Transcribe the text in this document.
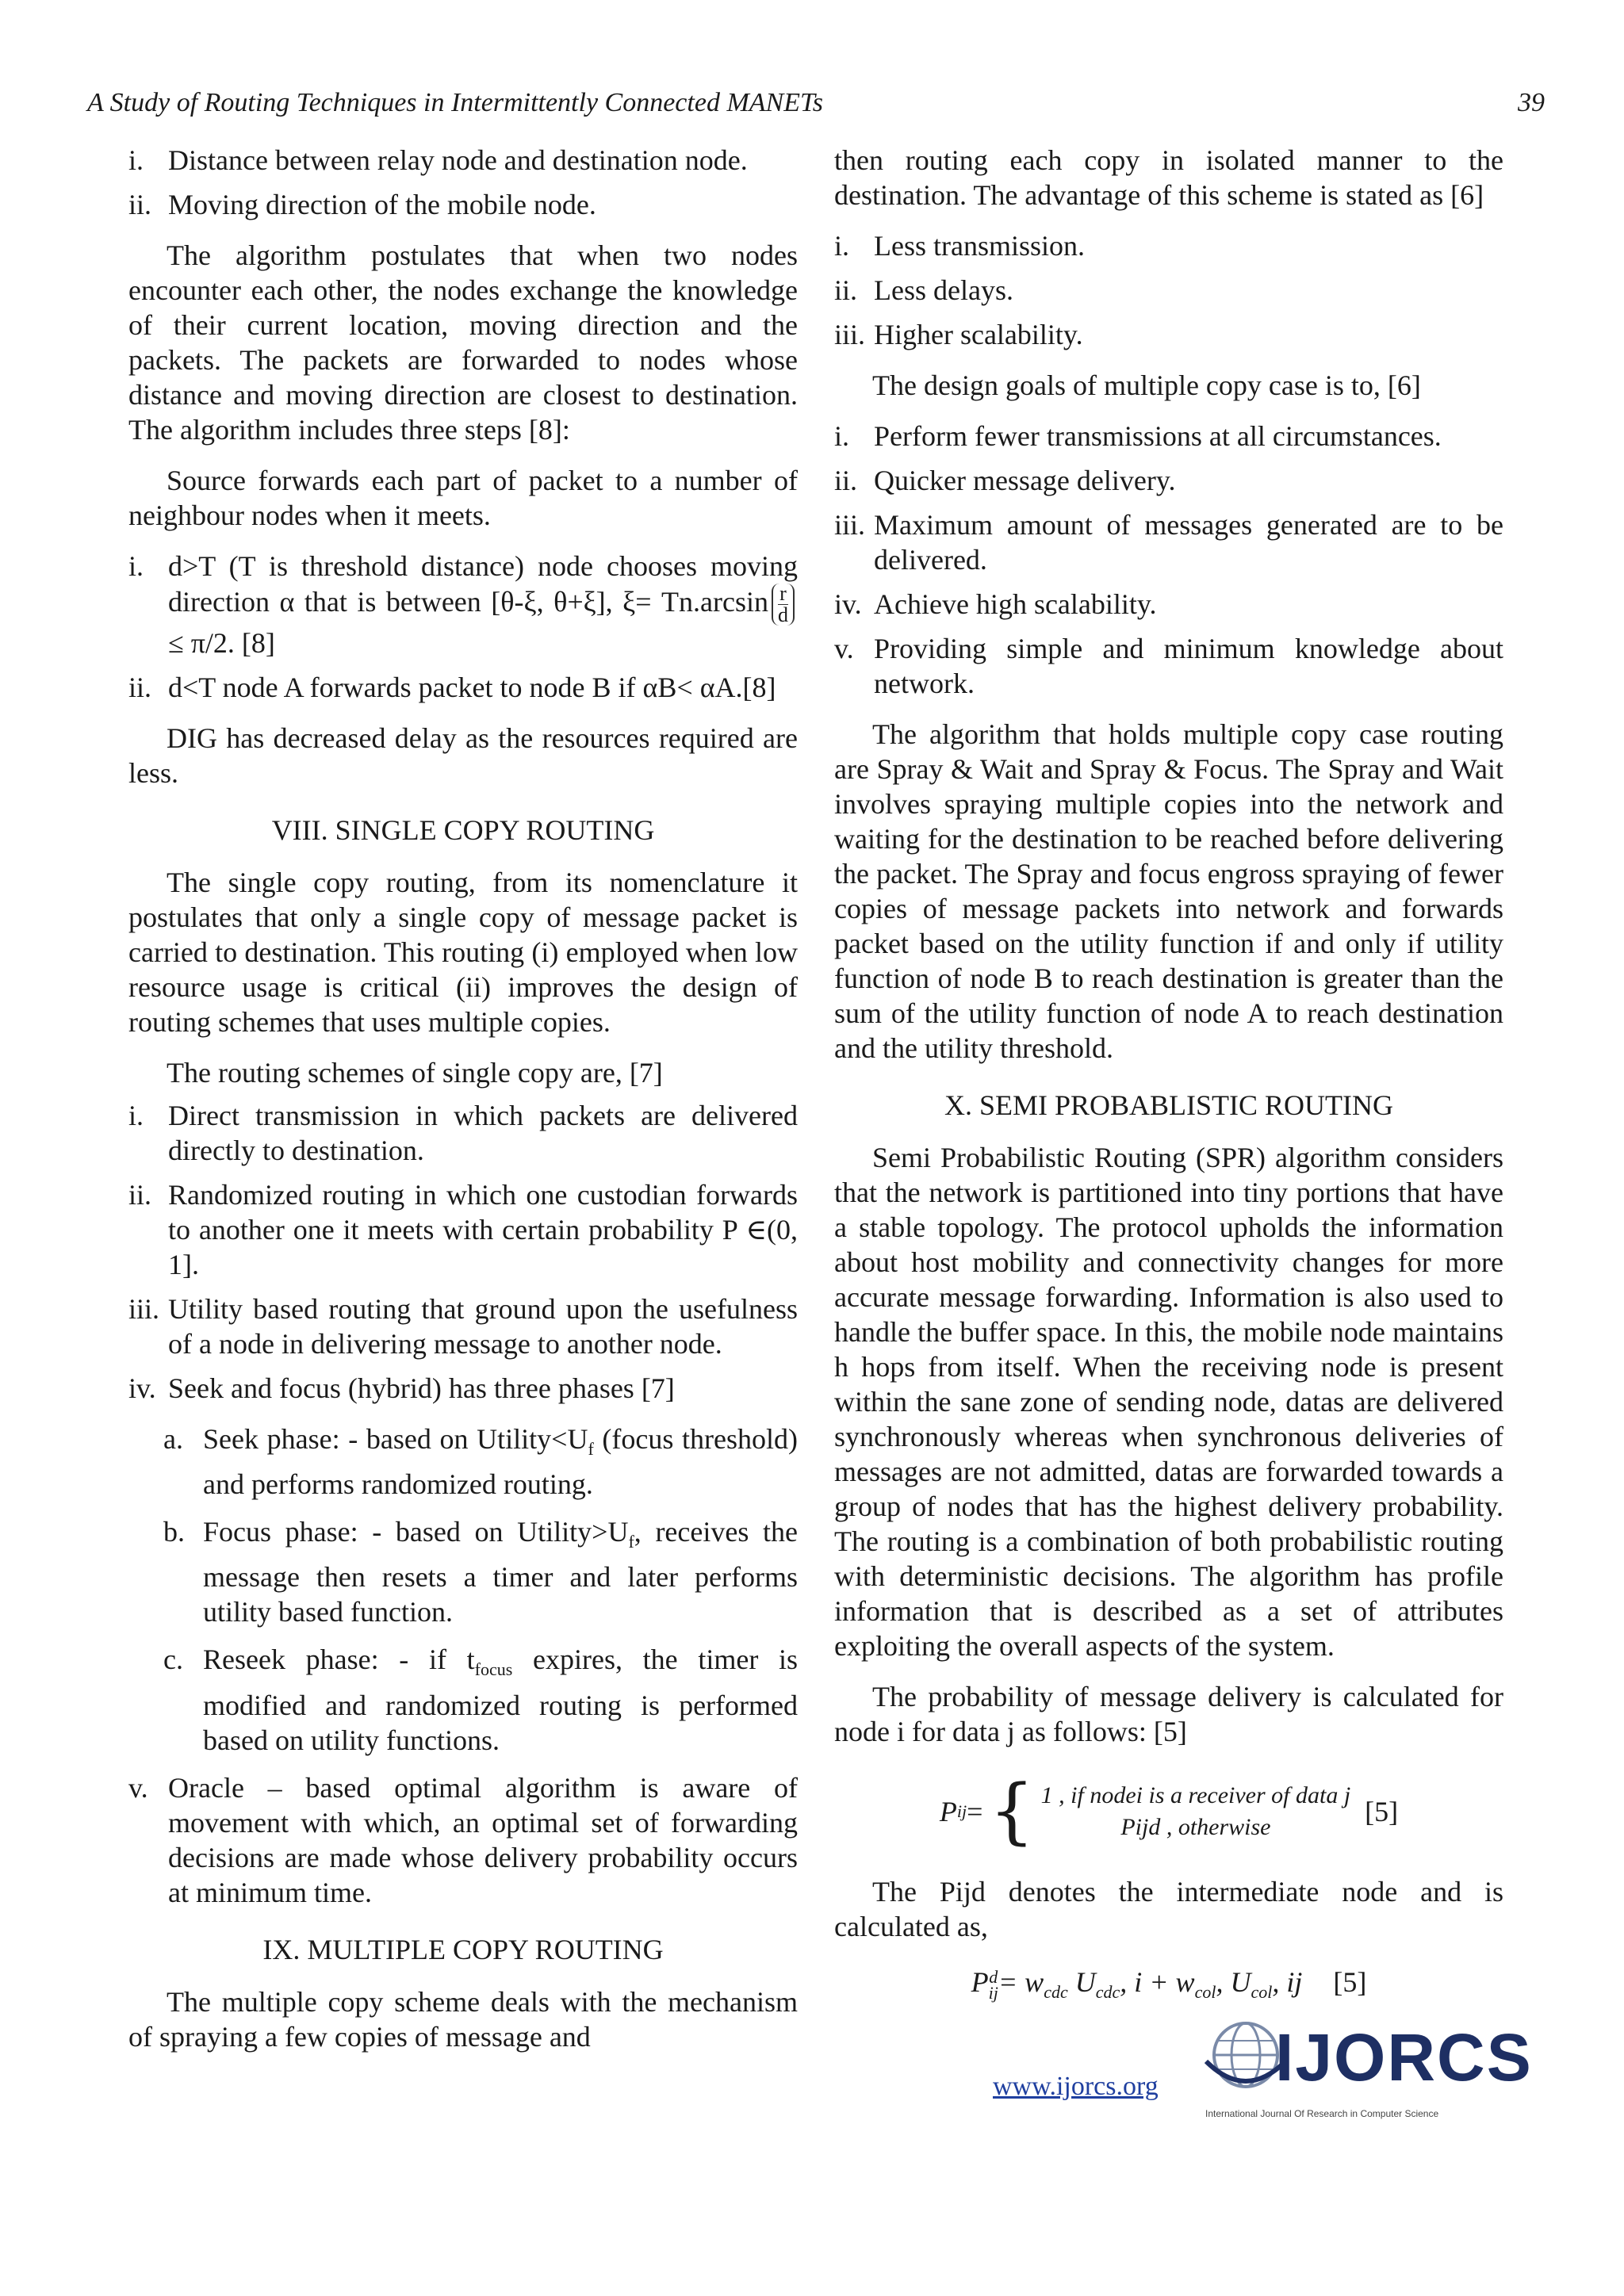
A Study of Routing Techniques in Intermittently Connected MANETs	39
i. Distance between relay node and destination node.
ii. Moving direction of the mobile node.

The algorithm postulates that when two nodes encounter each other, the nodes exchange the knowledge of their current location, moving direction and the packets. The packets are forwarded to nodes whose distance and moving direction are closest to destination. The algorithm includes three steps [8]:

Source forwards each part of packet to a number of neighbour nodes when it meets.

i. d>T (T is threshold distance) node chooses moving direction α that is between [θ-ξ, θ+ξ], $\xi= Tn.\arcsin \frac{r}{d}$
≤ π/2. [8]
ii. d<T node A forwards packet to node B if αB< αA.[8]

DIG has decreased delay as the resources required are less.

VIII. SINGLE COPY ROUTING

The single copy routing, from its nomenclature it postulates that only a single copy of message packet is carried to destination. This routing (i) employed when low resource usage is critical (ii) improves the design of routing schemes that uses multiple copies.

The routing schemes of single copy are, [7]

i. Direct transmission in which packets are delivered directly to destination.
ii. Randomized routing in which one custodian forwards to another one it meets with certain probability P ∈(0, 1].
iii. Utility based routing that ground upon the usefulness of a node in delivering message to another node.
iv. Seek and focus (hybrid) has three phases [7]
a. Seek phase: - based on $Utility<U_f$ (focus threshold) and performs randomized routing.
b. Focus phase: - based on $Utility>U_f$, receives the message then resets a timer and later performs utility based function.
c. Reseek phase: - if $t_{focus}$ expires, the timer is modified and randomized routing is performed based on utility functions.
v. Oracle – based optimal algorithm is aware of movement with which, an optimal set of forwarding decisions are made whose delivery probability occurs at minimum time.
IX. MULTIPLE COPY ROUTING

The multiple copy scheme deals with the mechanism of spraying a few copies of message and

then routing each copy in isolated manner to the destination. The advantage of this scheme is stated as [6]

i. Less transmission.
ii. Less delays.
iii. Higher scalability.

The design goals of multiple copy case is to, [6]

i. Perform fewer transmissions at all circumstances.
ii. Quicker message delivery.
iii. Maximum amount of messages generated are to be delivered.
iv. Achieve high scalability.
v. Providing simple and minimum knowledge about network.

The algorithm that holds multiple copy case routing are Spray & Wait and Spray & Focus. The Spray and Wait involves spraying multiple copies into the network and waiting for the destination to be reached before delivering the packet. The Spray and focus engross spraying of fewer copies of message packets into network and forwards packet based on the utility function if and only if utility function of node B to reach destination is greater than the sum of the utility function of node A to reach destination and the utility threshold.

X. SEMI PROBABLISTIC ROUTING

Semi Probabilistic Routing (SPR) algorithm considers that the network is partitioned into tiny portions that have a stable topology. The protocol upholds the information about host mobility and connectivity changes for more accurate message forwarding. Information is also used to handle the buffer space. In this, the mobile node maintains h hops from itself. When the receiving node is present within the sane zone of sending node, datas are delivered synchronously whereas when synchronous deliveries of messages are not admitted, datas are forwarded towards a group of nodes that has the highest delivery probability. The routing is a combination of both probabilistic routing with deterministic decisions. The algorithm has profile information that is described as a set of attributes exploiting the overall aspects of the system.

The probability of message delivery is calculated for node i for data j as follows: [5]

P ij = { 1 , if nodei is a receiver of data j
Pijd , otherwise	[5]

The Pijd denotes the intermediate node and is calculated as,

P d
ij = $w_{cdc}$ $U_{cdc}$, $i + w_{col}$, $U_{col}$, ij [5]
www.ijorcs.org IJORCS
International Journal Of Research in Computer Science
